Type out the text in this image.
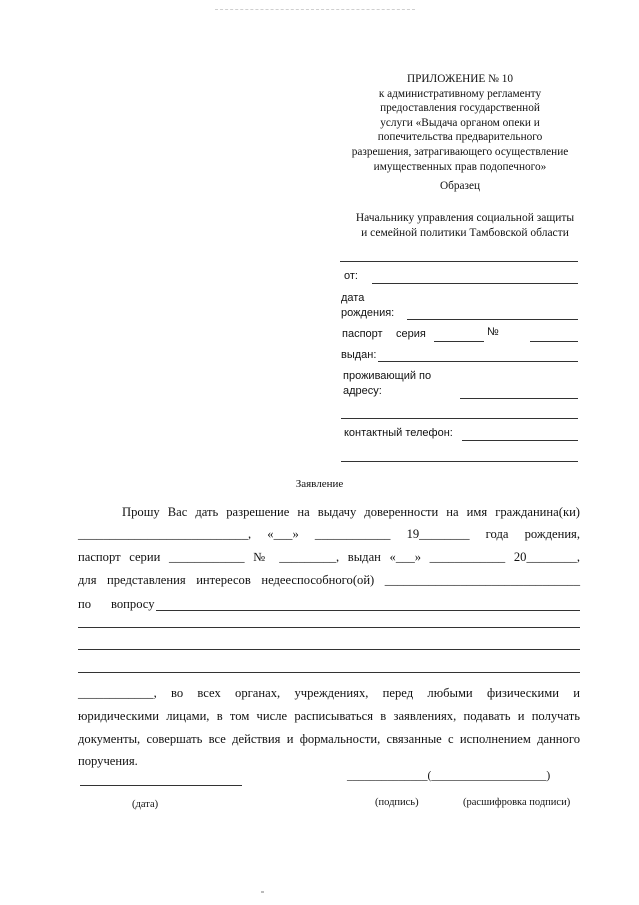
ПРИЛОЖЕНИЕ № 10
к административному регламенту
предоставления государственной
услуги «Выдача органом опеки и
попечительства предварительного
разрешения, затрагивающего осуществление
имущественных прав подопечного»
Образец
Начальнику управления социальной защиты
и семейной политики Тамбовской области
от:
дата
рождения:
паспорт серия	№
выдан:
проживающий по
адресу:
контактный телефон:
Заявление
Прошу Вас дать разрешение на выдачу доверенности на имя гражданина(ки)
___________________________, «___» ____________ 19________ года рождения,
паспорт серии ____________ № _________, выдан «___» ____________ 20________,
для представления интересов недееспособного(ой) _______________________________
по вопросу
____________, во всех органах, учреждениях, перед любыми физическими и
юридическими лицами, в том числе расписываться в заявлениях, подавать и получать
документы, совершать все действия и формальности, связанные с исполнением данного
поручения.
______________(____________________)
(дата)	(подпись)	(расшифровка подписи)
